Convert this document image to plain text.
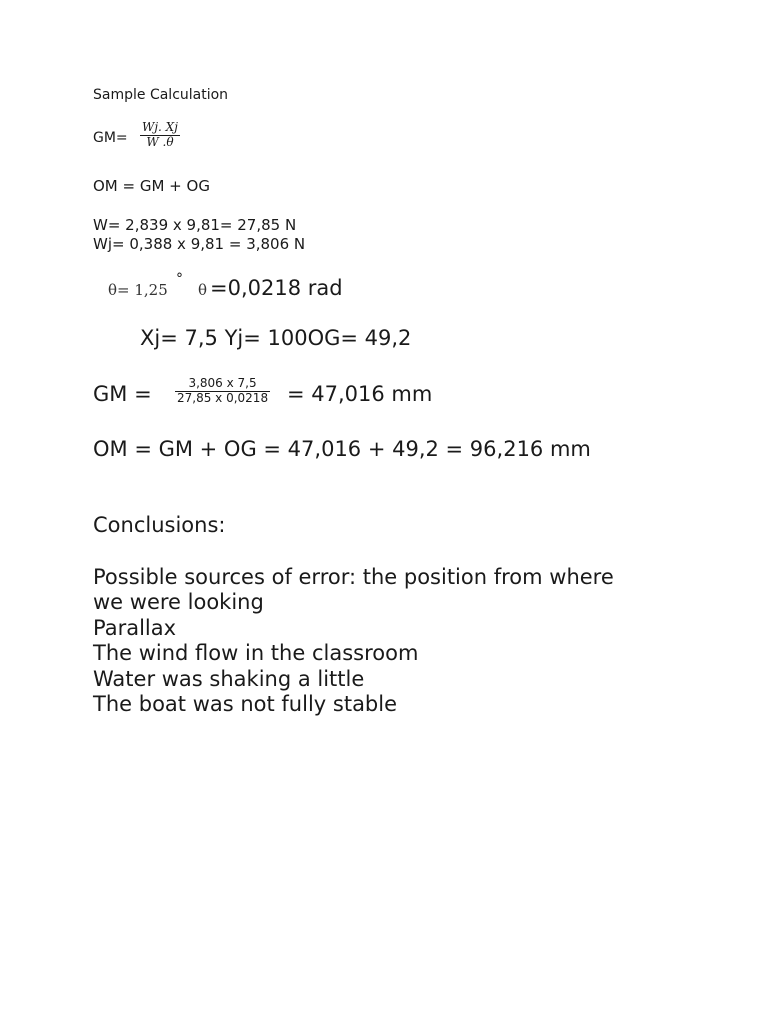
Sample Calculation
GM=
Wj. Xj
W .θ
OM = GM + OG
W= 2,839 x 9,81= 27,85 N
Wj= 0,388 x 9,81 = 3,806 N
θ= 1,25
°
θ =0,0218 rad
Xj= 7,5 Yj= 100OG= 49,2
GM =	3,806 x 7,5
27,85 x 0,0218 = 47,016 mm
OM = GM + OG = 47,016 + 49,2 = 96,216 mm
Conclusions:
Possible sources of error: the position from where
we were looking
Parallax
The wind flow in the classroom
Water was shaking a little
The boat was not fully stable
